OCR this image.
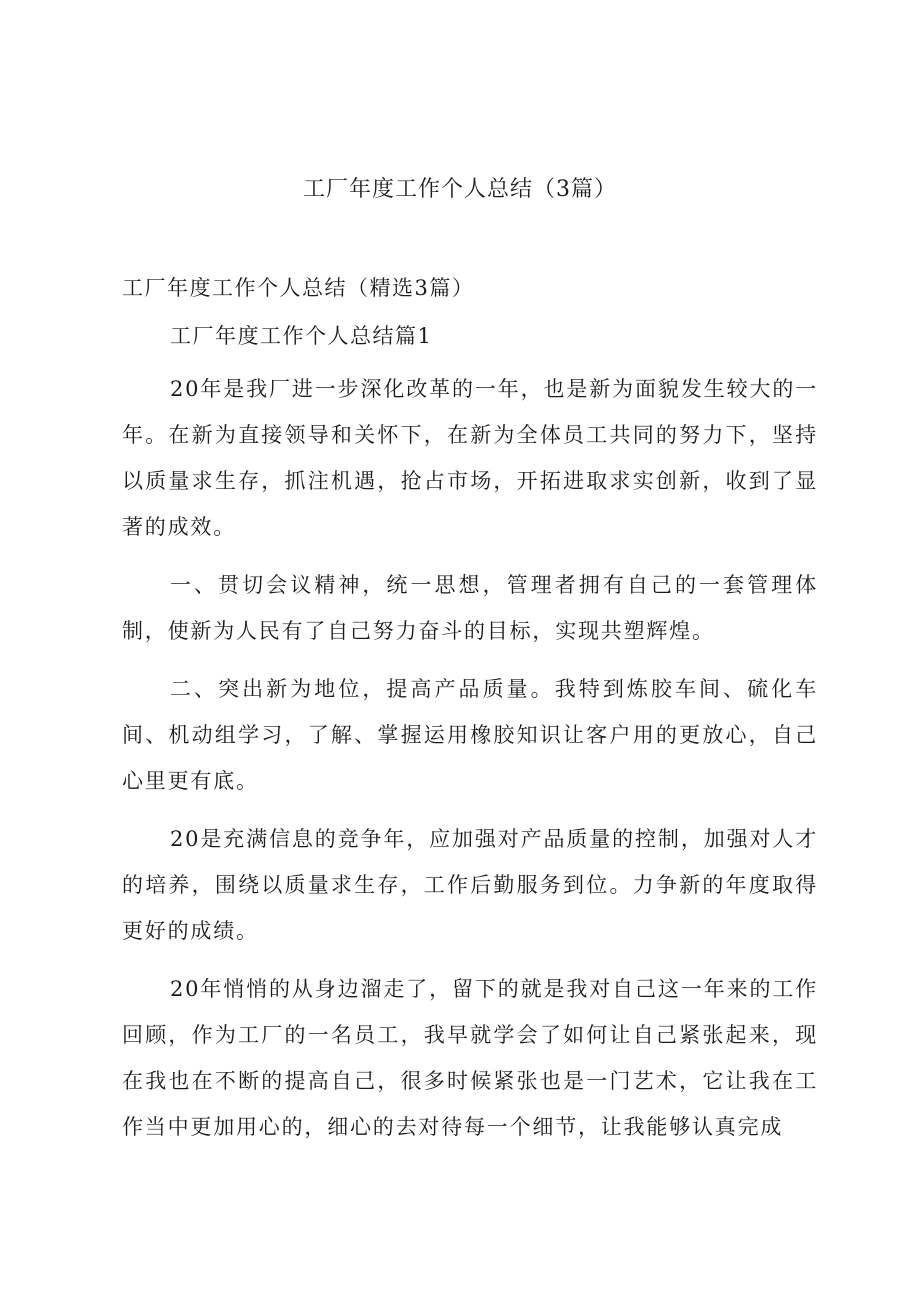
工厂年度工作个人总结（3篇）

工厂年度工作个人总结（精选3篇）

工厂年度工作个人总结篇1

20年是我厂进一步深化改革的一年，也是新为面貌发生较大的一年。在新为直接领导和关怀下，在新为全体员工共同的努力下，坚持以质量求生存，抓注机遇，抢占市场，开拓进取求实创新，收到了显著的成效。

一、贯切会议精神，统一思想，管理者拥有自己的一套管理体制，使新为人民有了自己努力奋斗的目标，实现共塑辉煌。

二、突出新为地位，提高产品质量。我特到炼胶车间、硫化车间、机动组学习，了解、掌握运用橡胶知识让客户用的更放心，自己心里更有底。

20是充满信息的竞争年，应加强对产品质量的控制，加强对人才的培养，围绕以质量求生存，工作后勤服务到位。力争新的年度取得更好的成绩。

20年悄悄的从身边溜走了，留下的就是我对自己这一年来的工作回顾，作为工厂的一名员工，我早就学会了如何让自己紧张起来，现在我也在不断的提高自己，很多时候紧张也是一门艺术，它让我在工作当中更加用心的，细心的去对待每一个细节，让我能够认真完成
